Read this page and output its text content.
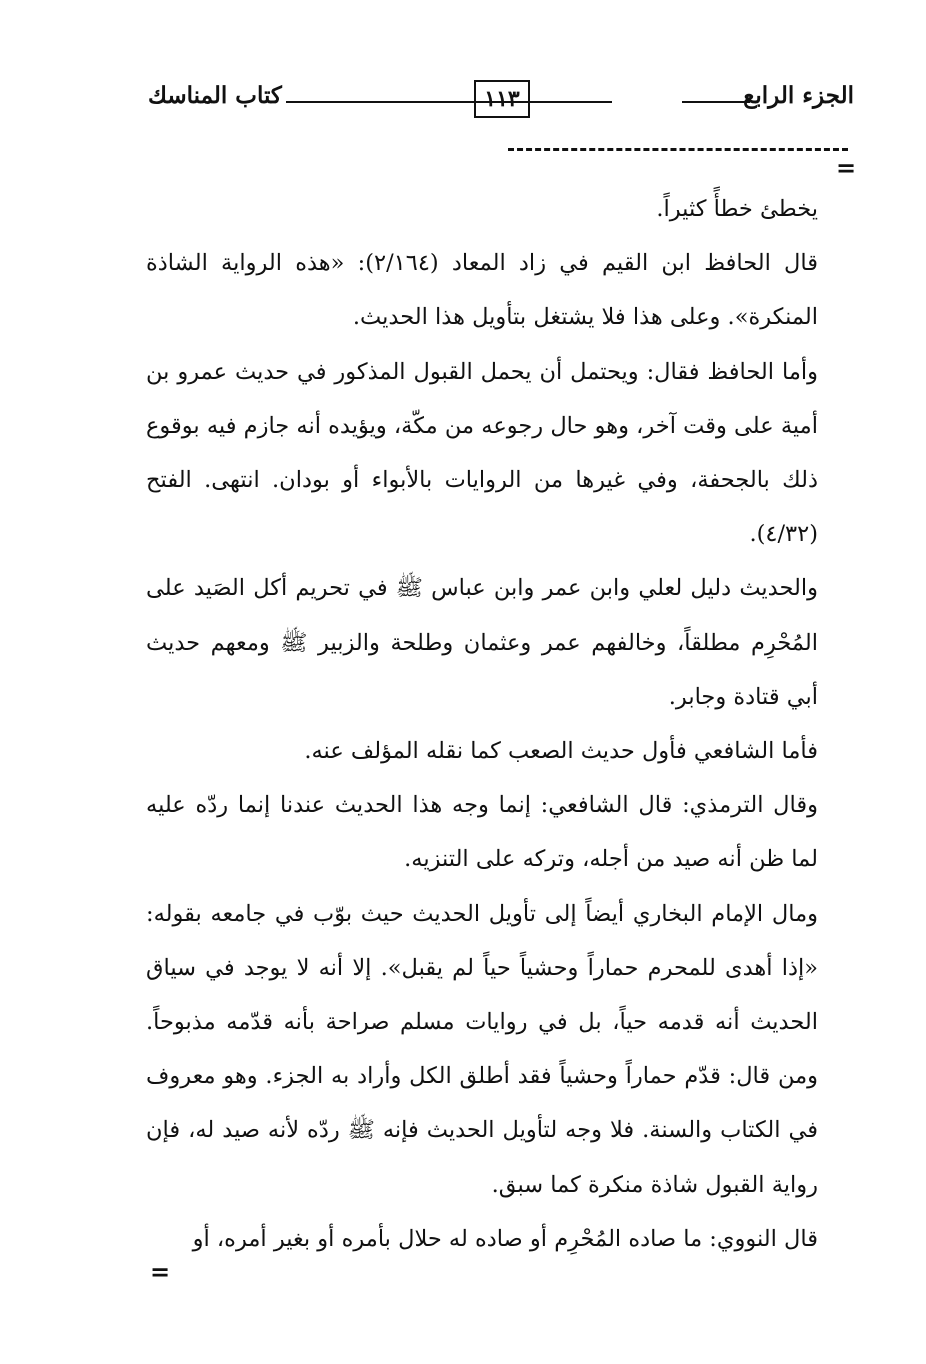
الجزء الرابع
١١٣
كتاب المناسك
=

يخطئ خطأً كثيراً.

قال الحافظ ابن القيم في زاد المعاد (٢/١٦٤): «هذه الرواية الشاذة المنكرة». وعلى هذا فلا يشتغل بتأويل هذا الحديث.

وأما الحافظ فقال: ويحتمل أن يحمل القبول المذكور في حديث عمرو بن أمية على وقت آخر، وهو حال رجوعه من مكّة، ويؤيده أنه جازم فيه بوقوع ذلك بالجحفة، وفي غيرها من الروايات بالأبواء أو بودان. انتهى. الفتح (٤/٣٢).

والحديث دليل لعلي وابن عمر وابن عباس ﷺ في تحريم أكل الصَيد على المُحْرِم مطلقاً، وخالفهم عمر وعثمان وطلحة والزبير ﷺ ومعهم حديث أبي قتادة وجابر.

فأما الشافعي فأول حديث الصعب كما نقله المؤلف عنه.

وقال الترمذي: قال الشافعي: إنما وجه هذا الحديث عندنا إنما ردّه عليه لما ظن أنه صيد من أجله، وتركه على التنزيه.

ومال الإمام البخاري أيضاً إلى تأويل الحديث حيث بوّب في جامعه بقوله: «إذا أهدى للمحرم حماراً وحشياً حياً لم يقبل». إلا أنه لا يوجد في سياق الحديث أنه قدمه حياً، بل في روايات مسلم صراحة بأنه قدّمه مذبوحاً. ومن قال: قدّم حماراً وحشياً فقد أطلق الكل وأراد به الجزء. وهو معروف في الكتاب والسنة. فلا وجه لتأويل الحديث فإنه ﷺ ردّه لأنه صيد له، فإن رواية القبول شاذة منكرة كما سبق.

قال النووي: ما صاده المُحْرِم أو صاده له حلال بأمره أو بغير أمره، أو

=
